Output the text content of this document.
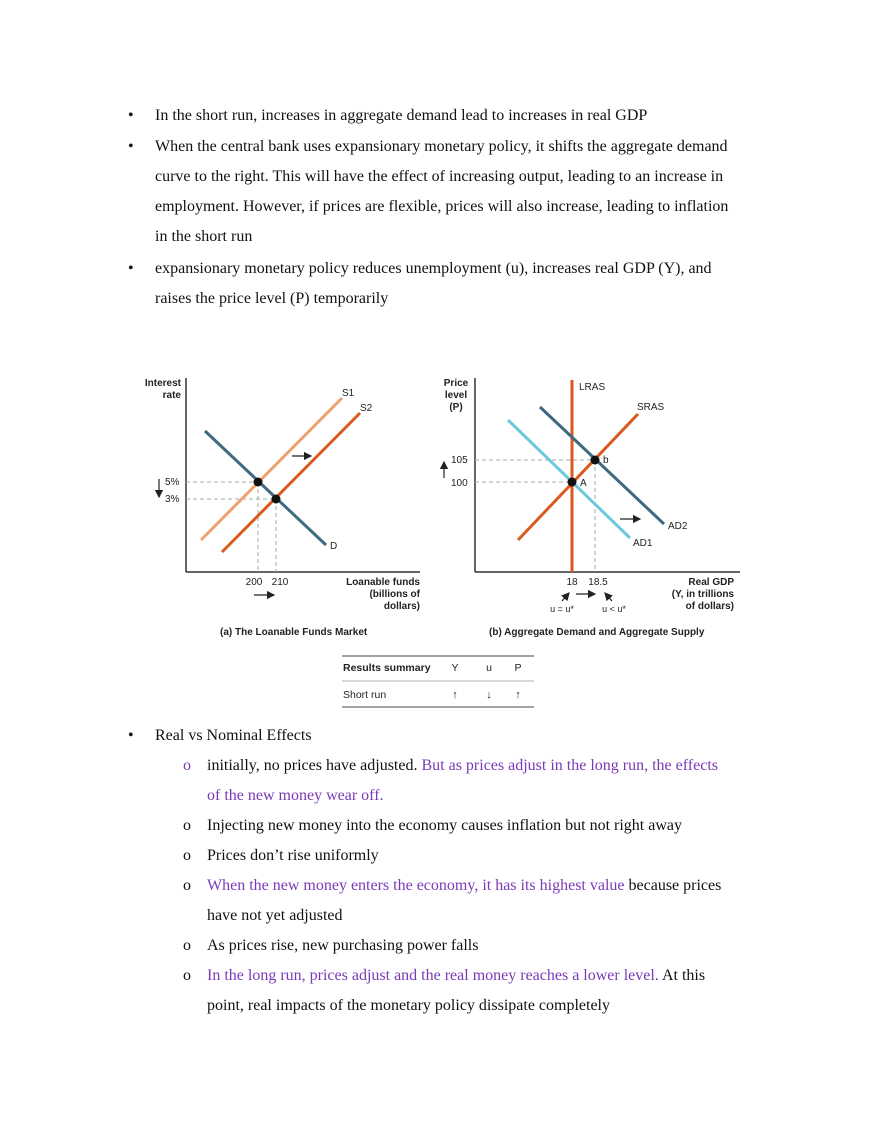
• In the short run, increases in aggregate demand lead to increases in real GDP
• When the central bank uses expansionary monetary policy, it shifts the aggregate demand
curve to the right. This will have the effect of increasing output, leading to an increase in
employment. However, if prices are flexible, prices will also increase, leading to inflation
in the short run
• expansionary monetary policy reduces unemployment (u), increases real GDP (Y), and
raises the price level (P) temporarily
Interest
rate	S1
S2
D
5%
3%
200 210	Loanable funds
(billions of
dollars)
(a) The Loanable Funds Market
Price
level
(P)
A
b
LRAS
SRAS
AD2
AD1
105
100
18 18.5
u = u*	u < u*
Real GDP
(Y, in trillions
of dollars)
(b) Aggregate Demand and Aggregate Supply
Results summary Y	u P
Short run	↑	↓ ↑
• Real vs Nominal Effects
o initially, no prices have adjusted. But as prices adjust in the long run, the effects
of the new money wear off.
o Injecting new money into the economy causes inflation but not right away
o Prices don’t rise uniformly
o When the new money enters the economy, it has its highest value because prices
have not yet adjusted
o As prices rise, new purchasing power falls
o In the long run, prices adjust and the real money reaches a lower level. At this
point, real impacts of the monetary policy dissipate completely
